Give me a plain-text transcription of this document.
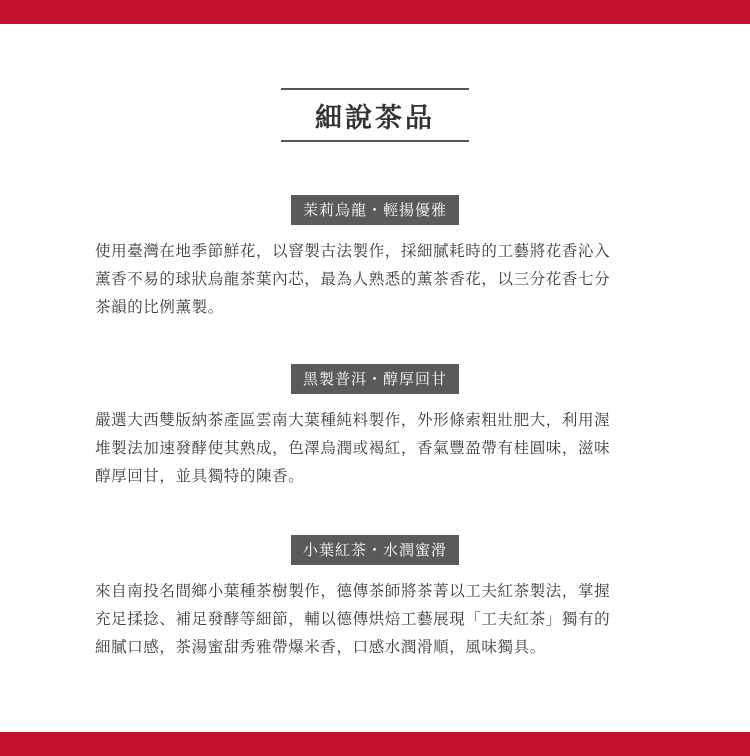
細說茶品
茉莉烏龍・輕揚優雅
使用臺灣在地季節鮮花，以窨製古法製作，採細膩耗時的工藝將花香沁入
薰香不易的球狀烏龍茶葉內芯，最為人熟悉的薰茶香花，以三分花香七分
茶韻的比例薰製。
黑製普洱・醇厚回甘
嚴選大西雙版納茶產區雲南大葉種純料製作，外形條索粗壯肥大，利用渥
堆製法加速發酵使其熟成，色澤烏潤或褐紅，香氣豐盈帶有桂圓味，滋味
醇厚回甘，並具獨特的陳香。
小葉紅茶・水潤蜜滑
來自南投名間鄉小葉種茶樹製作，德傳茶師將茶菁以工夫紅茶製法，掌握
充足揉捻、補足發酵等細節，輔以德傳烘焙工藝展現「工夫紅茶」獨有的
細膩口感，茶湯蜜甜秀雅帶爆米香，口感水潤滑順，風味獨具。
